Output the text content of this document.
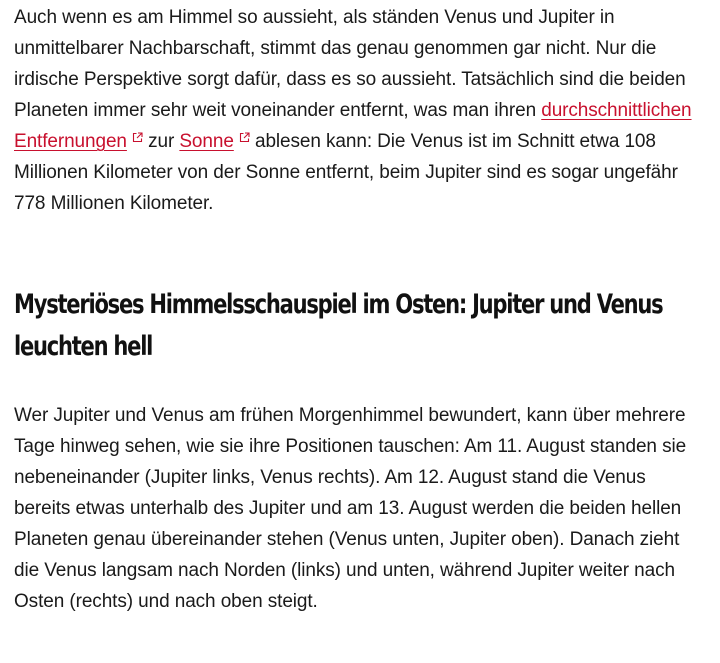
Auch wenn es am Himmel so aussieht, als ständen Venus und Jupiter in unmittelbarer Nachbarschaft, stimmt das genau genommen gar nicht. Nur die irdische Perspektive sorgt dafür, dass es so aussieht. Tatsächlich sind die beiden Planeten immer sehr weit voneinander entfernt, was man ihren durchschnittlichen Entfernungen zur Sonne ablesen kann: Die Venus ist im Schnitt etwa 108 Millionen Kilometer von der Sonne entfernt, beim Jupiter sind es sogar ungefähr 778 Millionen Kilometer.

Mysteriöses Himmelsschauspiel im Osten: Jupiter und Venus leuchten hell

Wer Jupiter und Venus am frühen Morgenhimmel bewundert, kann über mehrere Tage hinweg sehen, wie sie ihre Positionen tauschen: Am 11. August standen sie nebeneinander (Jupiter links, Venus rechts). Am 12. August stand die Venus bereits etwas unterhalb des Jupiter und am 13. August werden die beiden hellen Planeten genau übereinander stehen (Venus unten, Jupiter oben). Danach zieht die Venus langsam nach Norden (links) und unten, während Jupiter weiter nach Osten (rechts) und nach oben steigt.
